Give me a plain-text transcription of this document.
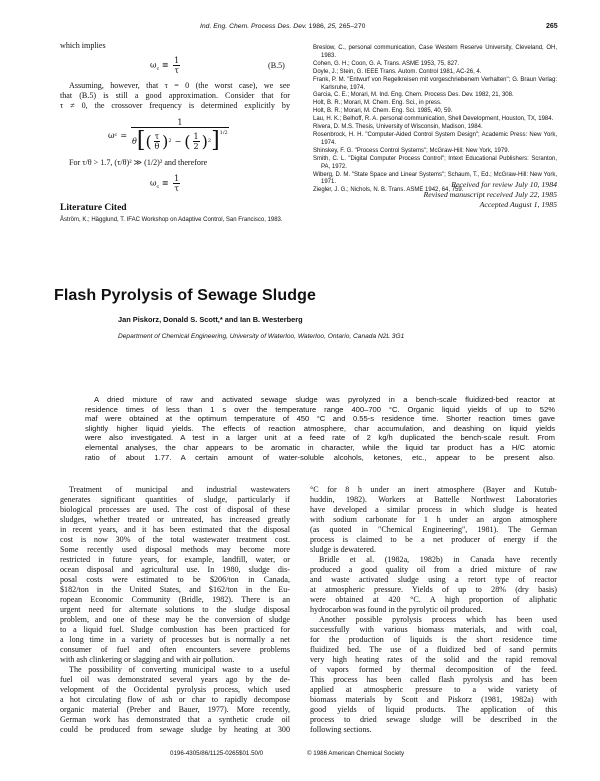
Ind. Eng. Chem. Process Des. Dev. 1986, 25, 265–270	265
which implies
$\omega_c$ ≅ $\frac{1}{\tau}$	(B.5)
Assuming, however, that τ = 0 (the worst case), we see
that (B.5) is still a good approximation. Consider that for
τ ≠ 0, the crossover frequency is determined explicitly by
ω $c = \frac{1}{\theta [ ( \frac{\tau}{\theta} ) 2 - ( \frac{1}{2} ) 2 ]^{1/2}}$
For τ/θ > 1.7, (τ/θ)² ≫ (1/2)² and therefore
$\omega_c$ ≅ $\frac{1}{\tau}$
Literature Cited
Åström, K.; Hägglund, T. IFAC Workshop on Adaptive Control, San Francisco, 1983.
Breslow, C., personal communication, Case Western Reserve University, Cleveland, OH, 1983.
Cohen, G. H.; Coon, G. A. Trans. ASME 1953, 75, 827.
Doyle, J.; Stein, G. IEEE Trans. Autom. Control 1981, AC-26, 4.
Frank, P. M. "Entwurf von Regelkreisen mit vorgeschriebenem Verhalten"; G. Braun Verlag: Karlsruhe, 1974.
Garcia, C. E.; Morari, M. Ind. Eng. Chem. Process Des. Dev. 1982, 21, 308.
Holt, B. R.; Morari, M. Chem. Eng. Sci., in press.
Holt, B. R.; Morari, M. Chem. Eng. Sci. 1985, 40, 59.
Lau, H. K.; Belhoff, R. A. personal communication, Shell Development, Houston, TX, 1984.
Rivera, D. M.S. Thesis, University of Wisconsin, Madison, 1984.
Rosenbrock, H. H. "Computer-Aided Control System Design"; Academic Press: New York, 1974.
Shinskey, F. G. "Process Control Systems"; McGraw-Hill: New York, 1979.
Smith, C. L. "Digital Computer Process Control"; Intext Educational Publishers: Scranton, PA, 1972.
Wiberg, D. M. "State Space and Linear Systems"; Schaum, T., Ed.; McGraw-Hill: New York, 1971.
Ziegler, J. G.; Nichols, N. B. Trans. ASME 1942, 64, 759.
Received for review July 10, 1984
Revised manuscript received July 22, 1985
Accepted August 1, 1985
Flash Pyrolysis of Sewage Sludge
Jan Piskorz, Donald S. Scott,* and Ian B. Westerberg
Department of Chemical Engineering, University of Waterloo, Waterloo, Ontario, Canada N2L 3G1
A dried mixture of raw and activated sewage sludge was pyrolyzed in a bench-scale fluidized-bed reactor at
residence times of less than 1 s over the temperature range 400–700 °C. Organic liquid yields of up to 52%
maf were obtained at the optimum temperature of 450 °C and 0.55-s residence time. Shorter reaction times gave
slightly higher liquid yields. The effects of reaction atmosphere, char accumulation, and deashing on liquid yields
were also investigated. A test in a larger unit at a feed rate of 2 kg/h duplicated the bench-scale result. From
elemental analyses, the char appears to be aromatic in character, while the liquid tar product has a H/C atomic
ratio of about 1.77. A certain amount of water-soluble alcohols, ketones, etc., appear to be present also.
Treatment of municipal and industrial wastewaters
generates significant quantities of sludge, particularly if
biological processes are used. The cost of disposal of these
sludges, whether treated or untreated, has increased greatly
in recent years, and it has been estimated that the disposal
cost is now 30% of the total wastewater treatment cost.
Some recently used disposal methods may become more
restricted in future years, for example, landfill, water, or
ocean disposal and agricultural use. In 1980, sludge dis-
posal costs were estimated to be $206/ton in Canada,
$182/ton in the United States, and $162/ton in the Eu-
ropean Economic Community (Bridle, 1982). There is an
urgent need for alternate solutions to the sludge disposal
problem, and one of these may be the conversion of sludge
to a liquid fuel. Sludge combustion has been practiced for
a long time in a variety of processes but is normally a net
consumer of fuel and often encounters severe problems
with ash clinkering or slagging and with air pollution.
The possibility of converting municipal waste to a useful
fuel oil was demonstrated several years ago by the de-
velopment of the Occidental pyrolysis process, which used
a hot circulating flow of ash or char to rapidly decompose
organic material (Preber and Bauer, 1977). More recently,
German work has demonstrated that a synthetic crude oil
could be produced from sewage sludge by heating at 300
°C for 8 h under an inert atmosphere (Bayer and Kutub-
huddin, 1982). Workers at Battelle Northwest Laboratories
have developed a similar process in which sludge is heated
with sodium carbonate for 1 h under an argon atmosphere
(as quoted in "Chemical Engineering", 1981). The German
process is claimed to be a net producer of energy if the
sludge is dewatered.
Bridle et al. (1982a, 1982b) in Canada have recently
produced a good quality oil from a dried mixture of raw
and waste activated sludge using a retort type of reactor
at atmospheric pressure. Yields of up to 28% (dry basis)
were obtained at 420 °C. A high proportion of aliphatic
hydrocarbon was found in the pyrolytic oil produced.
Another possible pyrolysis process which has been used
successfully with various biomass materials, and with coal,
for the production of liquids is the short residence time
fluidized bed. The use of a fluidized bed of sand permits
very high heating rates of the solid and the rapid removal
of vapors formed by thermal decomposition of the feed.
This process has been called flash pyrolysis and has been
applied at atmospheric pressure to a wide variety of
biomass materials by Scott and Piskorz (1981, 1982a) with
good yields of liquid products. The application of this
process to dried sewage sludge will be described in the
following sections.
0196-4305/86/1125-0265$01.50/0	© 1986 American Chemical Society
